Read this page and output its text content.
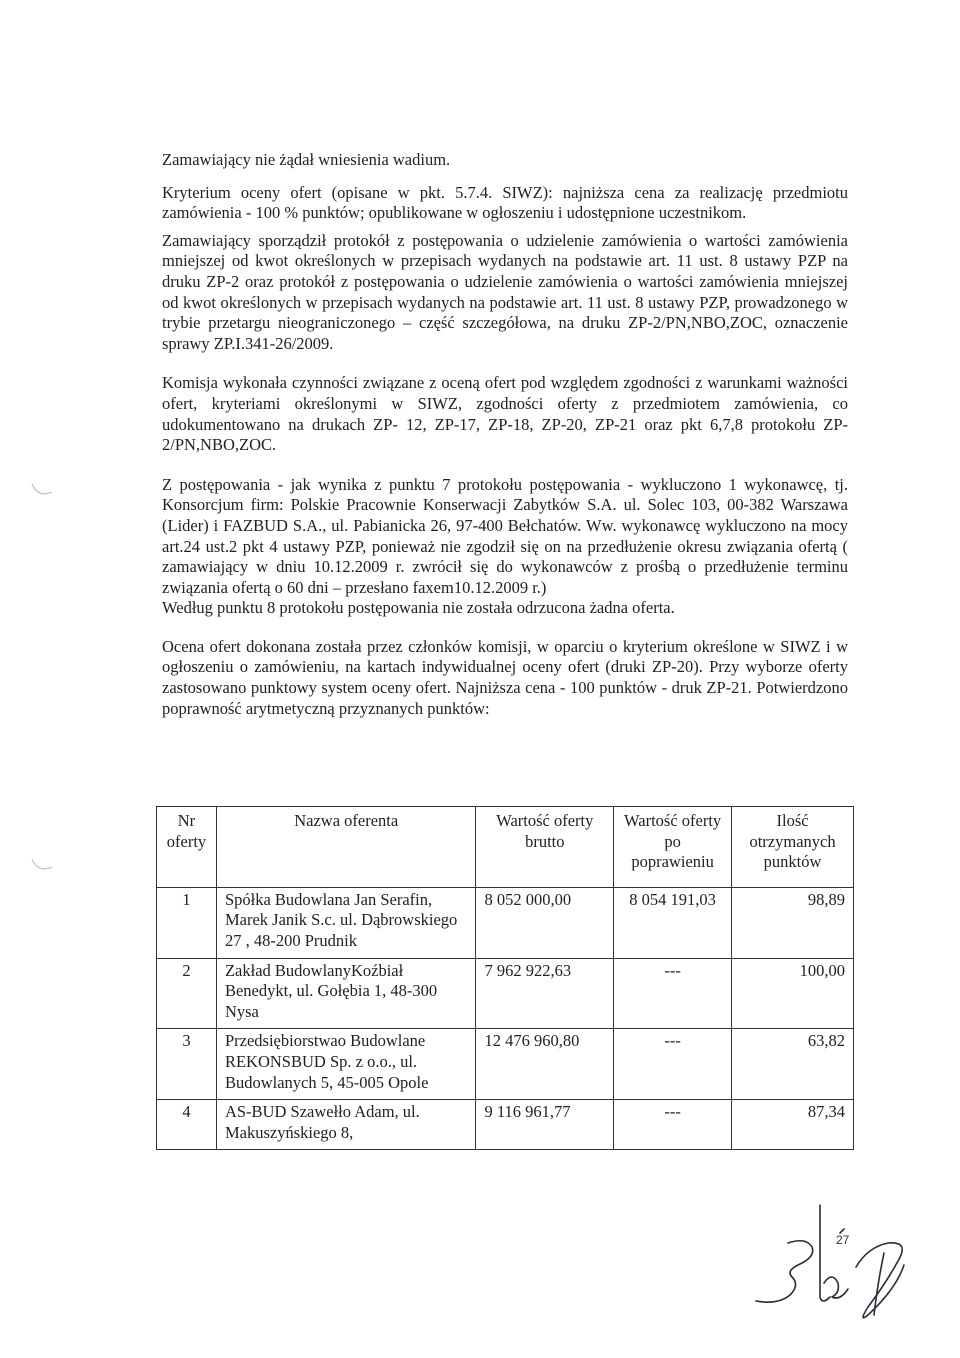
Zamawiający nie żądał wniesienia wadium.

Kryterium oceny ofert (opisane w pkt. 5.7.4. SIWZ): najniższa cena za realizację przedmiotu zamówienia - 100 % punktów; opublikowane w ogłoszeniu i udostępnione uczestnikom.

Zamawiający sporządził protokół z postępowania o udzielenie zamówienia o wartości zamówienia mniejszej od kwot określonych w przepisach wydanych na podstawie art. 11 ust. 8 ustawy PZP na druku ZP-2 oraz protokół z postępowania o udzielenie zamówienia o wartości zamówienia mniejszej od kwot określonych w przepisach wydanych na podstawie art. 11 ust. 8 ustawy PZP, prowadzonego w trybie przetargu nieograniczonego – część szczegółowa, na druku ZP-2/PN,NBO,ZOC, oznaczenie sprawy ZP.I.341-26/2009.

Komisja wykonała czynności związane z oceną ofert pod względem zgodności z warunkami ważności ofert, kryteriami określonymi w SIWZ, zgodności oferty z przedmiotem zamówienia, co udokumentowano na drukach ZP- 12, ZP-17, ZP-18, ZP-20, ZP-21 oraz pkt 6,7,8 protokołu ZP-2/PN,NBO,ZOC.

Z postępowania - jak wynika z punktu 7 protokołu postępowania - wykluczono 1 wykonawcę, tj. Konsorcjum firm: Polskie Pracownie Konserwacji Zabytków S.A. ul. Solec 103, 00-382 Warszawa (Lider) i FAZBUD S.A., ul. Pabianicka 26, 97-400 Bełchatów. Ww. wykonawcę wykluczono na mocy art.24 ust.2 pkt 4 ustawy PZP, ponieważ nie zgodził się on na przedłużenie okresu związania ofertą ( zamawiający w dniu 10.12.2009 r. zwrócił się do wykonawców z prośbą o przedłużenie terminu związania ofertą o 60 dni – przesłano faxem10.12.2009 r.)

Według punktu 8 protokołu postępowania nie została odrzucona żadna oferta.

Ocena ofert dokonana została przez członków komisji, w oparciu o kryterium określone w SIWZ i w ogłoszeniu o zamówieniu, na kartach indywidualnej oceny ofert (druki ZP-20). Przy wyborze oferty zastosowano punktowy system oceny ofert. Najniższa cena - 100 punktów - druk ZP-21. Potwierdzono poprawność arytmetyczną przyznanych punktów:

Nr oferty	Nazwa oferenta	Wartość oferty brutto	Wartość oferty po poprawieniu	Ilość otrzymanych punktów
1	Spółka Budowlana Jan Serafin, Marek Janik S.c. ul. Dąbrowskiego 27 , 48-200 Prudnik	8 052 000,00	8 054 191,03	98,89
2	Zakład BudowlanyKoźbiał Benedykt, ul. Gołębia 1, 48-300 Nysa	7 962 922,63	---	100,00
3	Przedsiębiorstwao Budowlane REKONSBUD Sp. z o.o., ul. Budowlanych 5, 45-005 Opole	12 476 960,80	---	63,82
4	AS-BUD Szawełło Adam, ul. Makuszyńskiego 8,	9 116 961,77	---	87,34
27
